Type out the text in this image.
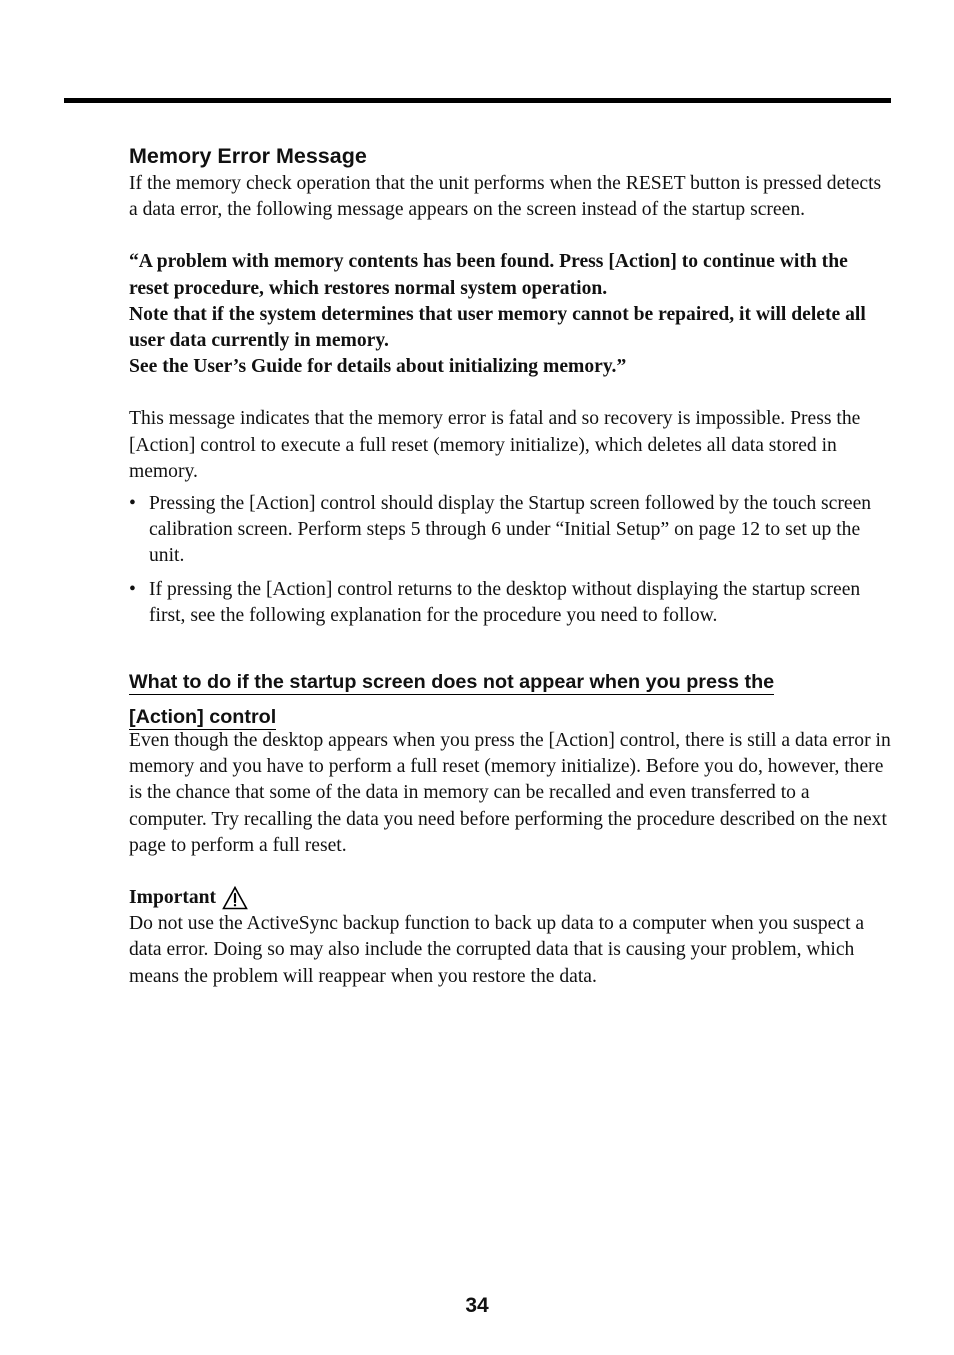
Memory Error Message

If the memory check operation that the unit performs when the RESET button is pressed detects a data error, the following message appears on the screen instead of the startup screen.

“A problem with memory contents has been found. Press [Action] to continue with the reset procedure, which restores normal system operation.

Note that if the system determines that user memory cannot be repaired, it will delete all user data currently in memory.

See the User’s Guide for details about initializing memory.”

This message indicates that the memory error is fatal and so recovery is impossible. Press the [Action] control to execute a full reset (memory initialize), which deletes all data stored in memory.

• Pressing the [Action] control should display the Startup screen followed by the touch screen calibration screen. Perform steps 5 through 6 under “Initial Setup” on page 12 to set up the unit.
• If pressing the [Action] control returns to the desktop without displaying the startup screen first, see the following explanation for the procedure you need to follow.
What to do if the startup screen does not appear when you press the
[Action] control

Even though the desktop appears when you press the [Action] control, there is still a data error in memory and you have to perform a full reset (memory initialize). Before you do, however, there is the chance that some of the data in memory can be recalled and even transferred to a computer. Try recalling the data you need before performing the procedure described on the next page to perform a full reset.

Important

Do not use the ActiveSync backup function to back up data to a computer when you suspect a data error. Doing so may also include the corrupted data that is causing your problem, which means the problem will reappear when you restore the data.

34
